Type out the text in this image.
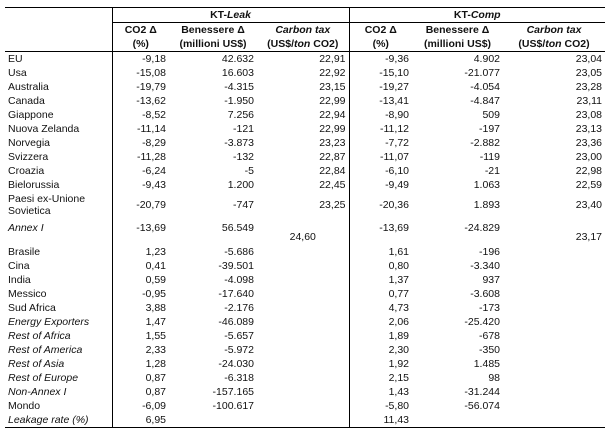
	KT-Leak			KT-Comp		
	CO2 Δ	Benessere Δ	Carbon tax	CO2 Δ	Benessere Δ	Carbon tax
	(%)	(millioni US$)	(US$/ton CO2)	(%)	(millioni US$)	(US$/ton CO2)
EU	-9,18	42.632	22,91	-9,36	4.902	23,04
Usa	-15,08	16.603	22,92	-15,10	-21.077	23,05
Australia	-19,79	-4.315	23,15	-19,27	-4.054	23,28
Canada	-13,62	-1.950	22,99	-13,41	-4.847	23,11
Giappone	-8,52	7.256	22,94	-8,90	509	23,08
Nuova Zelanda	-11,14	-121	22,99	-11,12	-197	23,13
Norvegia	-8,29	-3.873	23,23	-7,72	-2.882	23,36
Svizzera	-11,28	-132	22,87	-11,07	-119	23,00
Croazia	-6,24	-5	22,84	-6,10	-21	22,98
Bielorussia	-9,43	1.200	22,45	-9,49	1.063	22,59
Paesi ex-Unione
Sovietica	-20,79	-747	23,25	-20,36	1.893	23,40
Annex I	-13,69	56.549	24,60	-13,69	-24.829	23,17
Brasile	1,23	-5.686		1,61	-196	
Cina	0,41	-39.501		0,80	-3.340	
India	0,59	-4.098		1,37	937	
Messico	-0,95	-17.640		0,77	-3.608	
Sud Africa	3,88	-2.176		4,73	-173	
Energy Exporters	1,47	-46.089		2,06	-25.420	
Rest of Africa	1,55	-5.657		1,89	-678	
Rest of America	2,33	-5.972		2,30	-350	
Rest of Asia	1,28	-24.030		1,92	1.485	
Rest of Europe	0,87	-6.318		2,15	98	
Non-Annex I	0,87	-157.165		1,43	-31.244	
Mondo	-6,09	-100.617		-5,80	-56.074	
Leakage rate (%)	6,95			11,43		
